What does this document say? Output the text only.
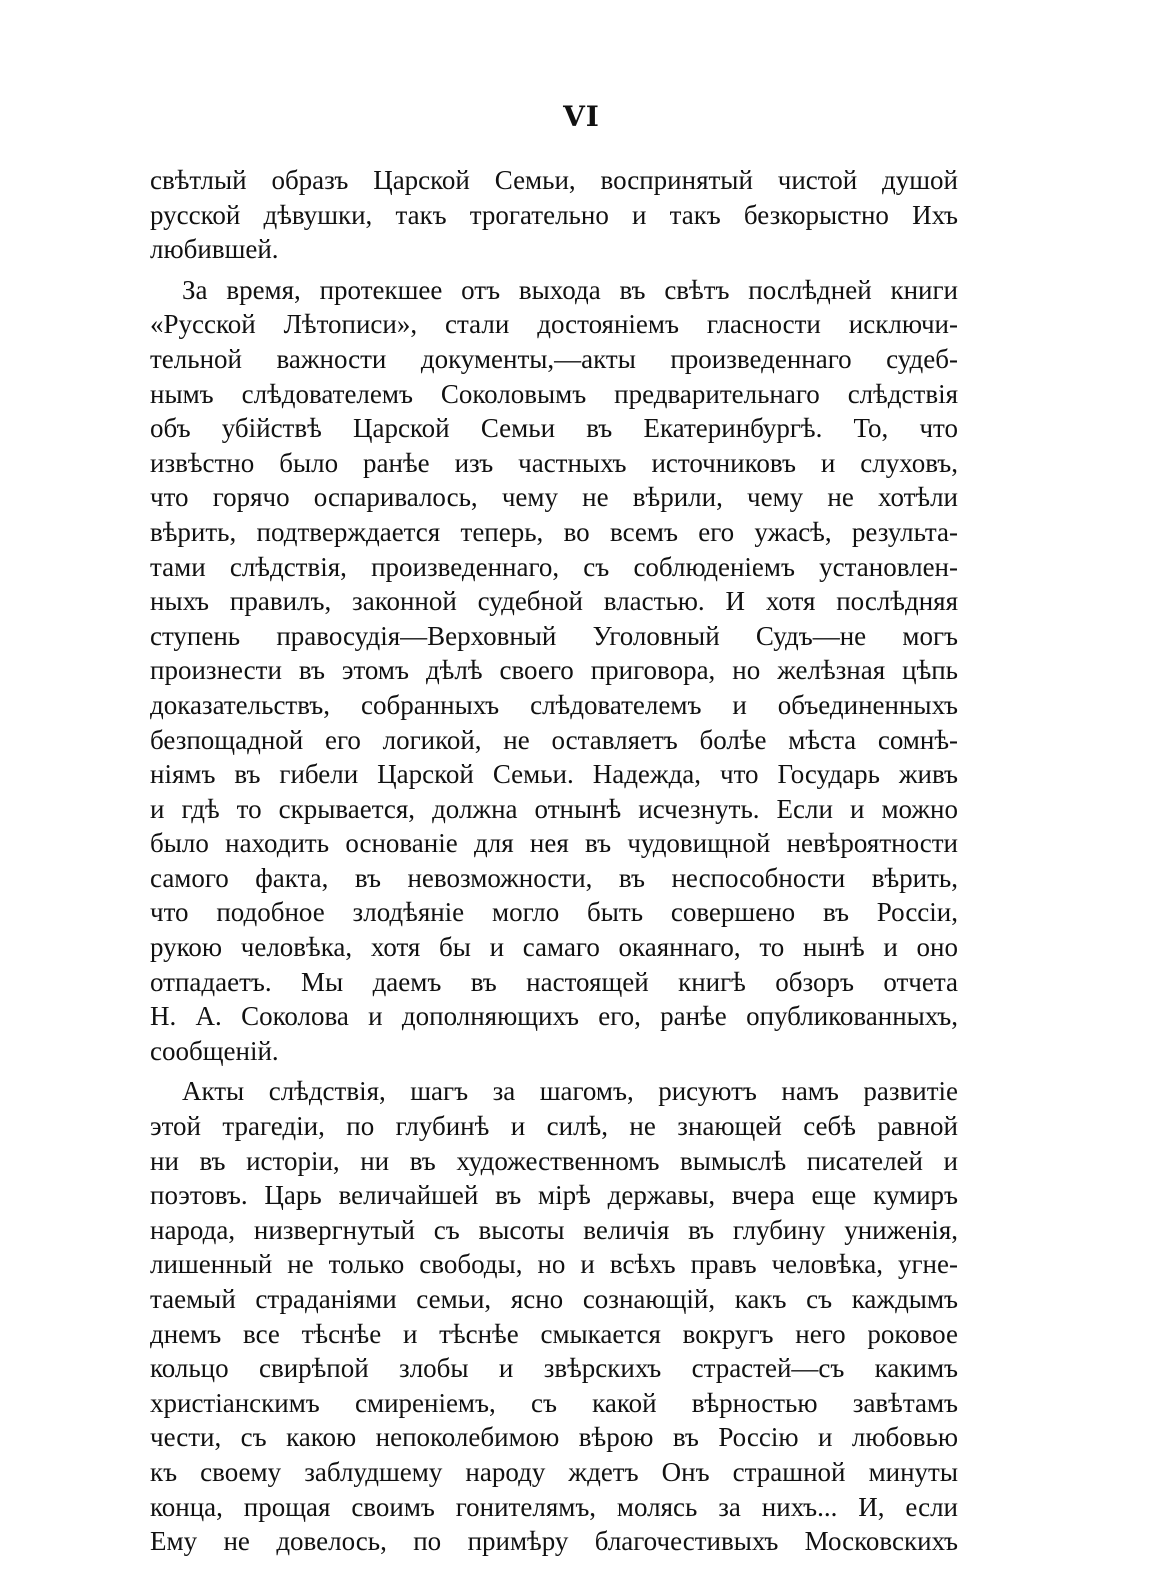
VI
свѣтлый образъ Царской Семьи, воспринятый чистой душой
русской дѣвушки, такъ трогательно и такъ безкорыстно Ихъ
любившей.
За время, протекшее отъ выхода въ свѣтъ послѣдней книги
«Русской Лѣтописи», стали достояніемъ гласности исключи-
тельной важности документы,—акты произведеннаго судеб-
нымъ слѣдователемъ Соколовымъ предварительнаго слѣдствія
объ убійствѣ Царской Семьи въ Екатеринбургѣ. То, что
извѣстно было ранѣе изъ частныхъ источниковъ и слуховъ,
что горячо оспаривалось, чему не вѣрили, чему не хотѣли
вѣрить, подтверждается теперь, во всемъ его ужасѣ, результа-
тами слѣдствія, произведеннаго, съ соблюденіемъ установлен-
ныхъ правилъ, законной судебной властью. И хотя послѣдняя
ступень правосудія—Верховный Уголовный Судъ—не могъ
произнести въ этомъ дѣлѣ своего приговора, но желѣзная цѣпь
доказательствъ, собранныхъ слѣдователемъ и объединенныхъ
безпощадной его логикой, не оставляетъ болѣе мѣста сомнѣ-
ніямъ въ гибели Царской Семьи. Надежда, что Государь живъ
и гдѣ то скрывается, должна отнынѣ исчезнуть. Если и можно
было находить основаніе для нея въ чудовищной невѣроятности
самого факта, въ невозможности, въ неспособности вѣрить,
что подобное злодѣяніе могло быть совершено въ Россіи,
рукою человѣка, хотя бы и самаго окаяннаго, то нынѣ и оно
отпадаетъ. Мы даемъ въ настоящей книгѣ обзоръ отчета
Н. А. Соколова и дополняющихъ его, ранѣе опубликованныхъ,
сообщеній.
Акты слѣдствія, шагъ за шагомъ, рисуютъ намъ развитіе
этой трагедіи, по глубинѣ и силѣ, не знающей себѣ равной
ни въ исторіи, ни въ художественномъ вымыслѣ писателей и
поэтовъ. Царь величайшей въ мірѣ державы, вчера еще кумиръ
народа, низвергнутый съ высоты величія въ глубину униженія,
лишенный не только свободы, но и всѣхъ правъ человѣка, угне-
таемый страданіями семьи, ясно сознающій, какъ съ каждымъ
днемъ все тѣснѣе и тѣснѣе смыкается вокругъ него роковое
кольцо свирѣпой злобы и звѣрскихъ страстей—съ какимъ
христіанскимъ смиреніемъ, съ какой вѣрностью завѣтамъ
чести, съ какою непоколебимою вѣрою въ Россію и любовью
къ своему заблудшему народу ждетъ Онъ страшной минуты
конца, прощая своимъ гонителямъ, молясь за нихъ... И, если
Ему не довелось, по примѣру благочестивыхъ Московскихъ
